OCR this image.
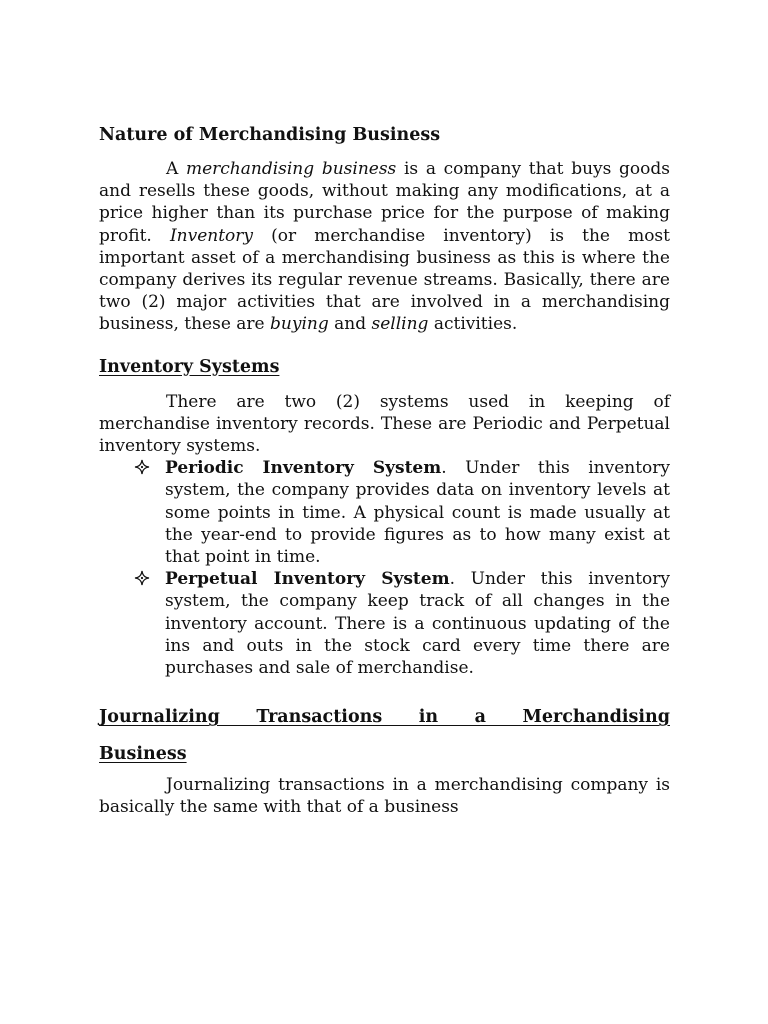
Nature of Merchandising Business

A merchandising business is a company that buys goods and resells these goods, without making any modifications, at a price higher than its purchase price for the purpose of making profit. Inventory (or merchandise inventory) is the most important asset of a merchandising business as this is where the company derives its regular revenue streams. Basically, there are two (2) major activities that are involved in a merchandising business, these are buying and selling activities.

Inventory Systems

There are two (2) systems used in keeping of merchandise inventory records. These are Periodic and Perpetual inventory systems.

Periodic Inventory System. Under this inventory system, the company provides data on inventory levels at some points in time. A physical count is made usually at the year-end to provide figures as to how many exist at that point in time.
Perpetual Inventory System. Under this inventory system, the company keep track of all changes in the inventory account. There is a continuous updating of the ins and outs in the stock card every time there are purchases and sale of merchandise.
Journalizing Transactions in a Merchandising
Business

Journalizing transactions in a merchandising company is basically the same with that of a business
